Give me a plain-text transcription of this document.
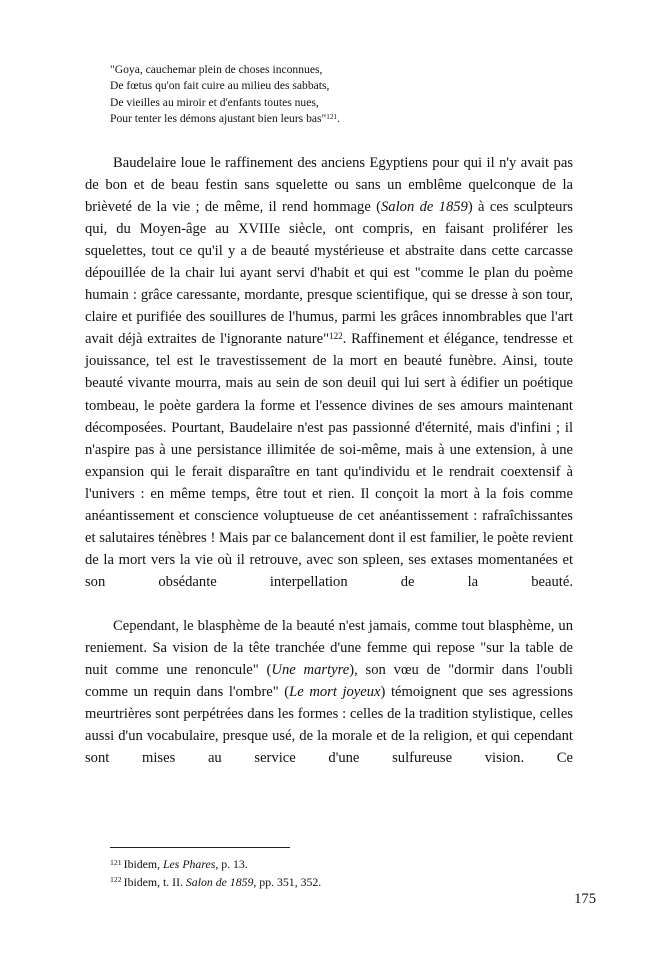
"Goya, cauchemar plein de choses inconnues,
De fœtus qu'on fait cuire au milieu des sabbats,
De vieilles au miroir et d'enfants toutes nues,
Pour tenter les démons ajustant bien leurs bas"$^{121}$.

Baudelaire loue le raffinement des anciens Egyptiens pour qui il n'y avait pas de bon et de beau festin sans squelette ou sans un emblême quelconque de la brièveté de la vie ; de même, il rend hommage (Salon de 1859) à ces sculpteurs qui, du Moyen-âge au XVIIIe siècle, ont compris, en faisant proliférer les squelettes, tout ce qu'il y a de beauté mystérieuse et abstraite dans cette carcasse dépouillée de la chair lui ayant servi d'habit et qui est "comme le plan du poème humain : grâce caressante, mordante, presque scientifique, qui se dresse à son tour, claire et purifiée des souillures de l'humus, parmi les grâces innombrables que l'art avait déjà extraites de l'ignorante nature"$^{122}$. Raffinement et élégance, tendresse et jouissance, tel est le travestissement de la mort en beauté funèbre. Ainsi, toute beauté vivante mourra, mais au sein de son deuil qui lui sert à édifier un poétique tombeau, le poète gardera la forme et l'essence divines de ses amours maintenant décomposées. Pourtant, Baudelaire n'est pas passionné d'éternité, mais d'infini ; il n'aspire pas à une persistance illimitée de soi-même, mais à une extension, à une expansion qui le ferait disparaître en tant qu'individu et le rendrait coextensif à l'univers : en même temps, être tout et rien. Il conçoit la mort à la fois comme anéantissement et conscience voluptueuse de cet anéantissement : rafraîchissantes et salutaires ténèbres ! Mais par ce balancement dont il est familier, le poète revient de la mort vers la vie où il retrouve, avec son spleen, ses extases momentanées et son obsédante interpellation de la beauté.

Cependant, le blasphème de la beauté n'est jamais, comme tout blasphème, un reniement. Sa vision de la tête tranchée d'une femme qui repose "sur la table de nuit comme une renoncule" (Une martyre), son vœu de "dormir dans l'oubli comme un requin dans l'ombre" (Le mort joyeux) témoignent que ses agressions meurtrières sont perpétrées dans les formes : celles de la tradition stylistique, celles aussi d'un vocabulaire, presque usé, de la morale et de la religion, et qui cependant sont mises au service d'une sulfureuse vision. Ce

$^{121}$ Ibidem, Les Phares, p. 13.
$^{122}$ Ibidem, t. II. Salon de 1859, pp. 351, 352.
175
